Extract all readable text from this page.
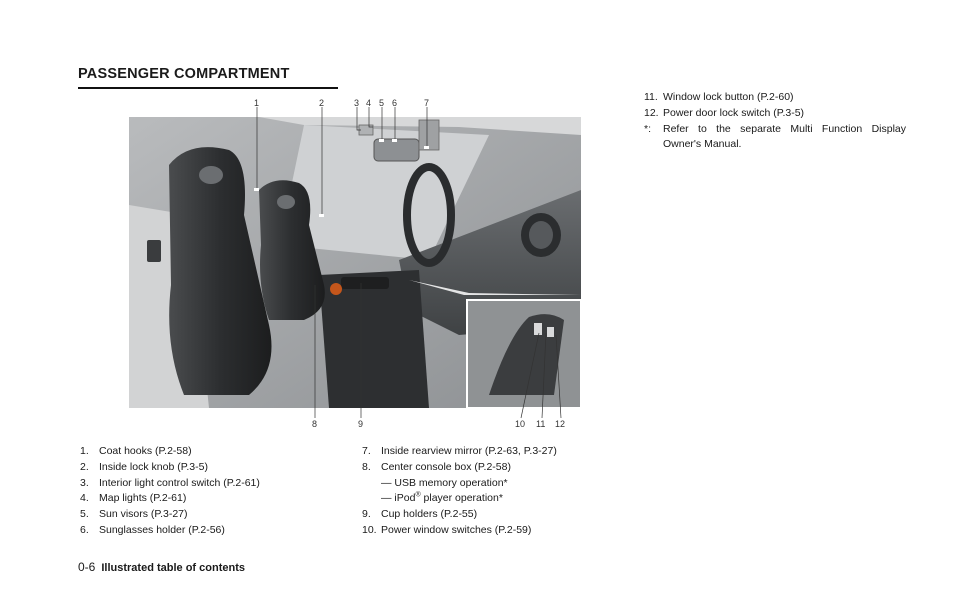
PASSENGER COMPARTMENT
1	2	3 4 5 6	7
8	9	10 11 12
1. Coat hooks (P.2-58)
2. Inside lock knob (P.3-5)
3. Interior light control switch (P.2-61)
4. Map lights (P.2-61)
5. Sun visors (P.3-27)
6. Sunglasses holder (P.2-56)
7. Inside rearview mirror (P.2-63, P.3-27)
8. Center console box (P.2-58)
— USB memory operation*
— iPod® player operation*
9. Cup holders (P.2-55)
10. Power window switches (P.2-59)
11. Window lock button (P.2-60)
12. Power door lock switch (P.3-5)
*:	Refer to the separate Multi Function Display
Owner's Manual.
0-6 Illustrated table of contents
